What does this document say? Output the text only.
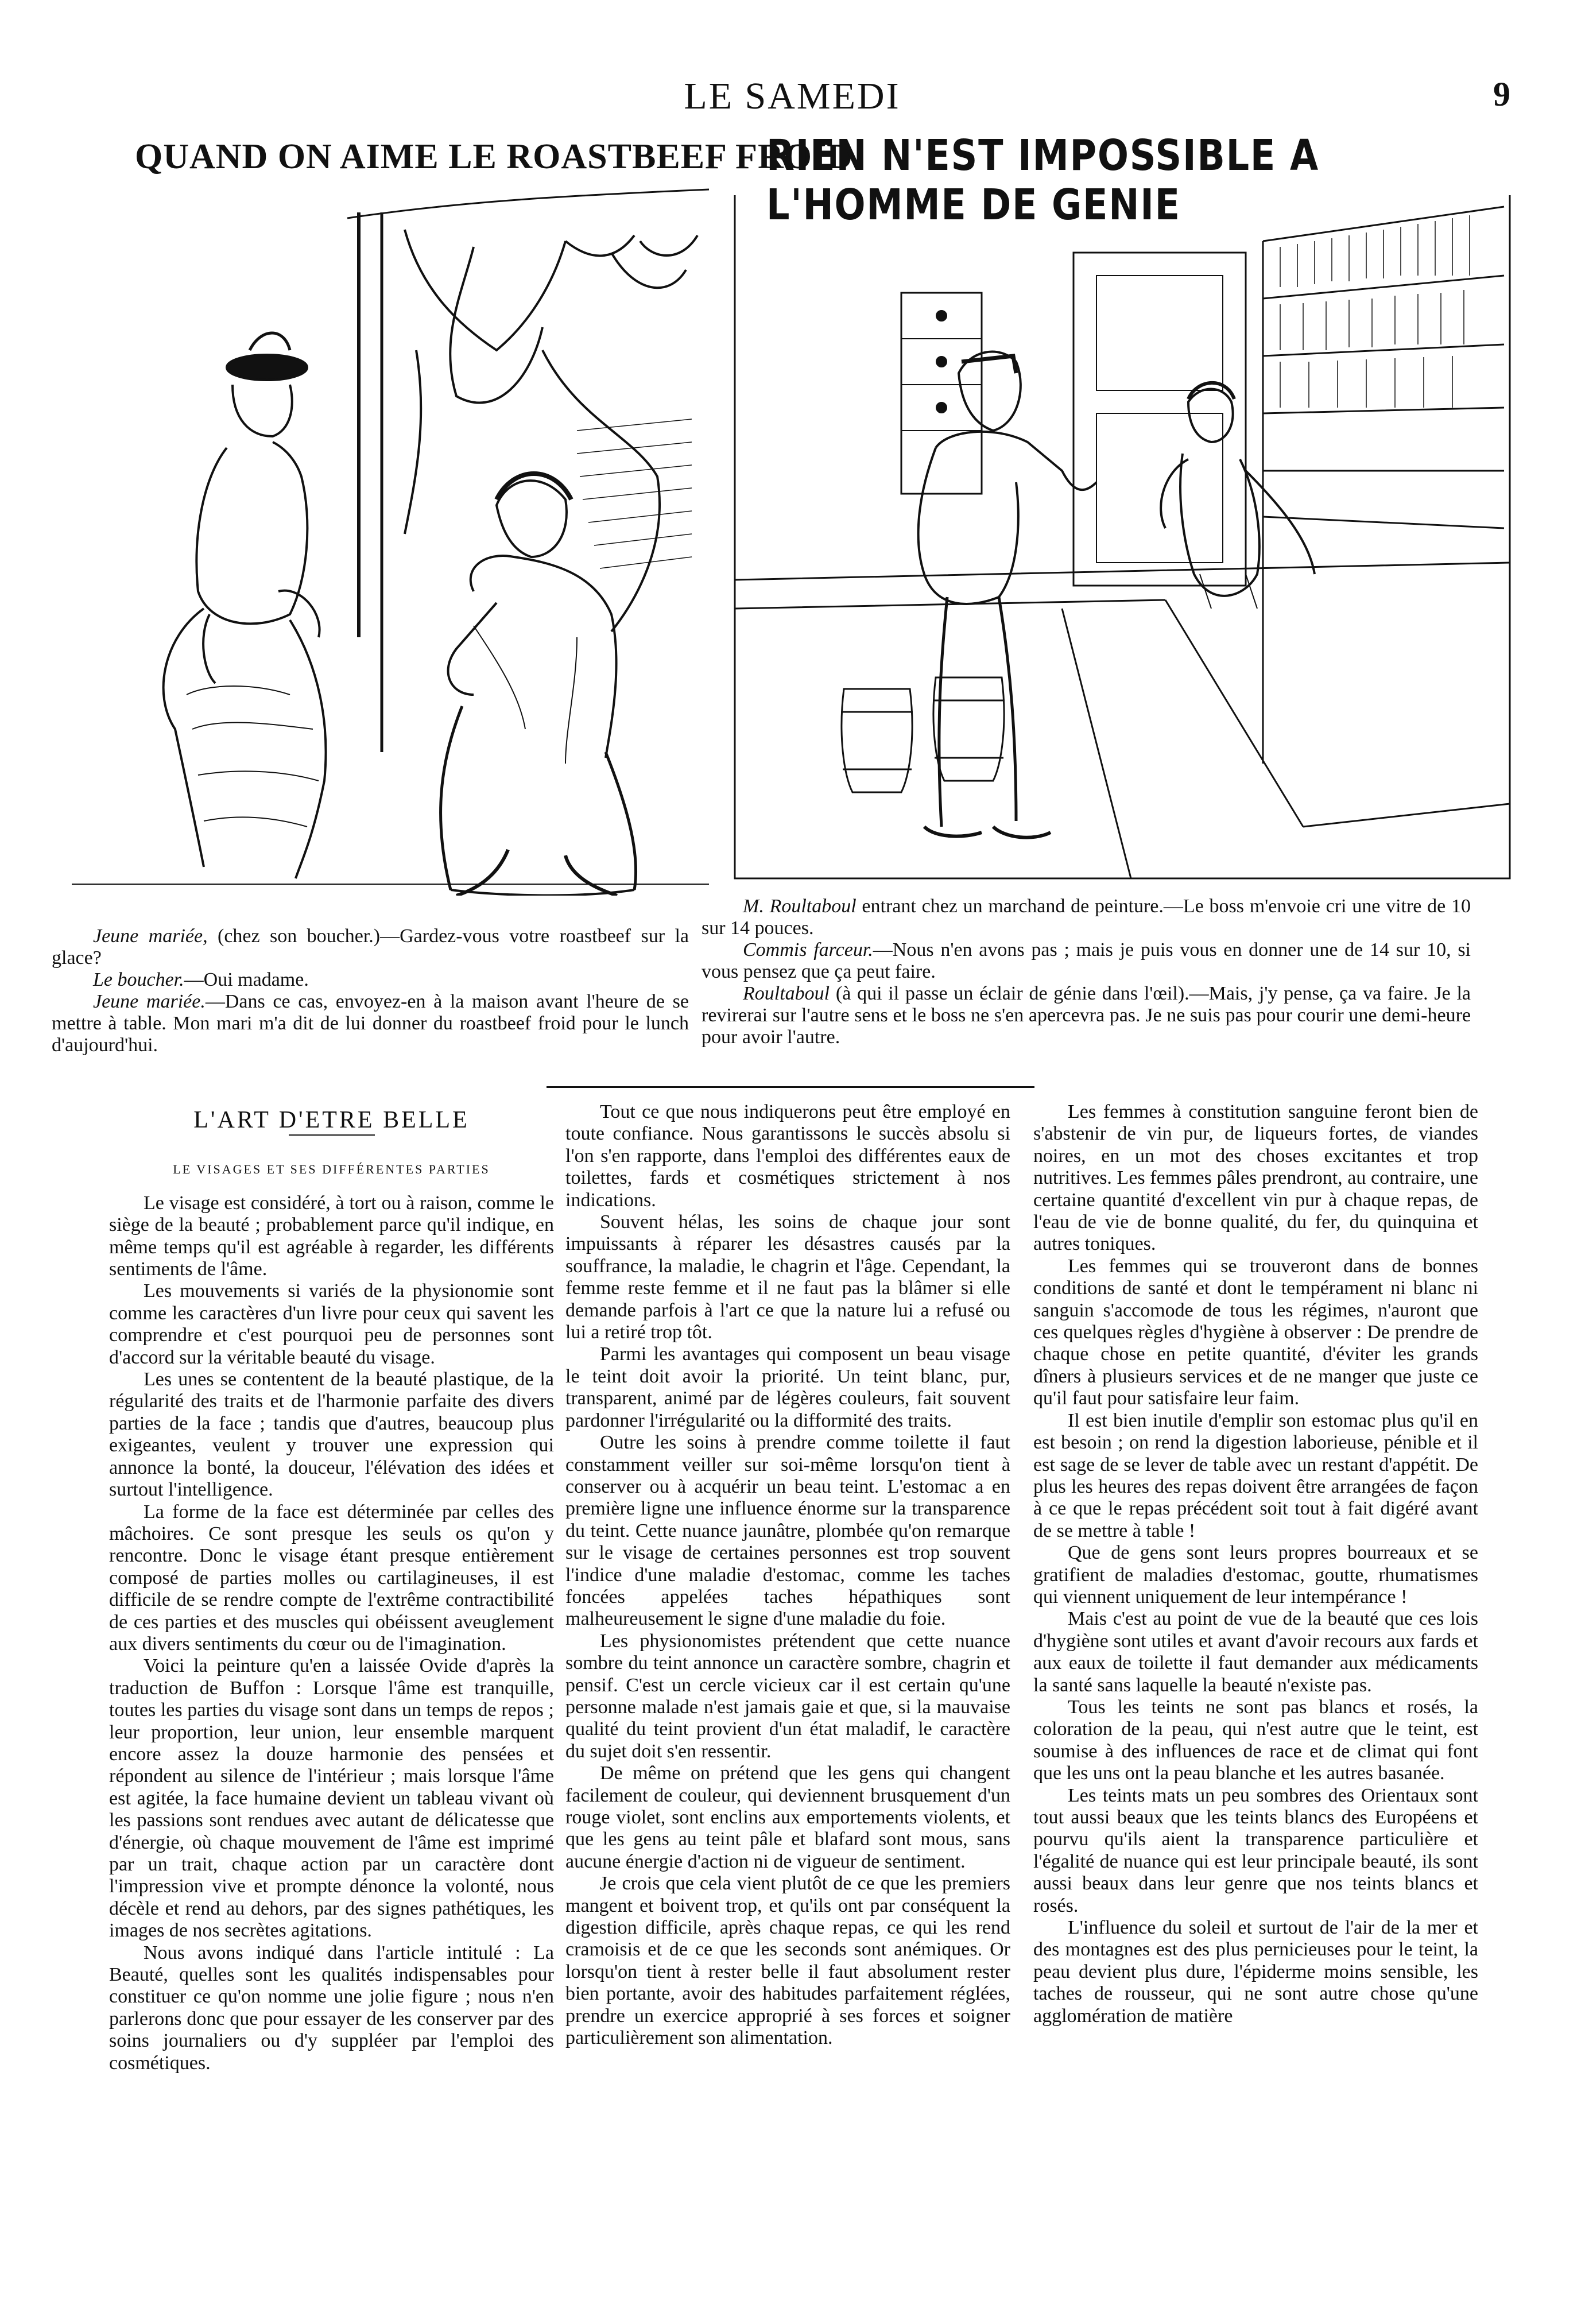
LE SAMEDI	9
QUAND ON AIME LE ROASTBEEF FROID
RIEN N'EST IMPOSSIBLE A L'HOMME DE GENIE

Jeune mariée, (chez son boucher.)—Gardez-vous votre roastbeef sur la glace?

Le boucher.—Oui madame.

Jeune mariée.—Dans ce cas, envoyez-en à la maison avant l'heure de se mettre à table. Mon mari m'a dit de lui donner du roastbeef froid pour le lunch d'aujourd'hui.

M. Roultaboul entrant chez un marchand de peinture.—Le boss m'envoie cri une vitre de 10 sur 14 pouces.

Commis farceur.—Nous n'en avons pas ; mais je puis vous en donner une de 14 sur 10, si vous pensez que ça peut faire.

Roultaboul (à qui il passe un éclair de génie dans l'œil).—Mais, j'y pense, ça va faire. Je la revirerai sur l'autre sens et le boss ne s'en apercevra pas. Je ne suis pas pour courir une demi-heure pour avoir l'autre.

L'ART D'ETRE BELLE
LE VISAGES ET SES DIFFÉRENTES PARTIES

Le visage est considéré, à tort ou à raison, comme le siège de la beauté ; probablement parce qu'il indique, en même temps qu'il est agréable à regarder, les différents sentiments de l'âme.

Les mouvements si variés de la physionomie sont comme les caractères d'un livre pour ceux qui savent les comprendre et c'est pourquoi peu de personnes sont d'accord sur la véritable beauté du visage.

Les unes se contentent de la beauté plastique, de la régularité des traits et de l'harmonie parfaite des divers parties de la face ; tandis que d'autres, beaucoup plus exigeantes, veulent y trouver une expression qui annonce la bonté, la douceur, l'élévation des idées et surtout l'intelligence.

La forme de la face est déterminée par celles des mâchoires. Ce sont presque les seuls os qu'on y rencontre. Donc le visage étant presque entièrement composé de parties molles ou cartilagineuses, il est difficile de se rendre compte de l'extrême contractibilité de ces parties et des muscles qui obéissent aveuglement aux divers sentiments du cœur ou de l'imagination.

Voici la peinture qu'en a laissée Ovide d'après la traduction de Buffon : Lorsque l'âme est tranquille, toutes les parties du visage sont dans un temps de repos ; leur proportion, leur union, leur ensemble marquent encore assez la douze harmonie des pensées et répondent au silence de l'intérieur ; mais lorsque l'âme est agitée, la face humaine devient un tableau vivant où les passions sont rendues avec autant de délicatesse que d'énergie, où chaque mouvement de l'âme est imprimé par un trait, chaque action par un caractère dont l'impression vive et prompte dénonce la volonté, nous décèle et rend au dehors, par des signes pathétiques, les images de nos secrètes agitations.

Nous avons indiqué dans l'article intitulé : La Beauté, quelles sont les qualités indispensables pour constituer ce qu'on nomme une jolie figure ; nous n'en parlerons donc que pour essayer de les conserver par des soins journaliers ou d'y suppléer par l'emploi des cosmétiques.

Tout ce que nous indiquerons peut être employé en toute confiance. Nous garantissons le succès absolu si l'on s'en rapporte, dans l'emploi des différentes eaux de toilettes, fards et cosmétiques strictement à nos indications.

Souvent hélas, les soins de chaque jour sont impuissants à réparer les désastres causés par la souffrance, la maladie, le chagrin et l'âge. Cependant, la femme reste femme et il ne faut pas la blâmer si elle demande parfois à l'art ce que la nature lui a refusé ou lui a retiré trop tôt.

Parmi les avantages qui composent un beau visage le teint doit avoir la priorité. Un teint blanc, pur, transparent, animé par de légères couleurs, fait souvent pardonner l'irrégularité ou la difformité des traits.

Outre les soins à prendre comme toilette il faut constamment veiller sur soi-même lorsqu'on tient à conserver ou à acquérir un beau teint. L'estomac a en première ligne une influence énorme sur la transparence du teint. Cette nuance jaunâtre, plombée qu'on remarque sur le visage de certaines personnes est trop souvent l'indice d'une maladie d'estomac, comme les taches foncées appelées taches hépathiques sont malheureusement le signe d'une maladie du foie.

Les physionomistes prétendent que cette nuance sombre du teint annonce un caractère sombre, chagrin et pensif. C'est un cercle vicieux car il est certain qu'une personne malade n'est jamais gaie et que, si la mauvaise qualité du teint provient d'un état maladif, le caractère du sujet doit s'en ressentir.

De même on prétend que les gens qui changent facilement de couleur, qui deviennent brusquement d'un rouge violet, sont enclins aux emportements violents, et que les gens au teint pâle et blafard sont mous, sans aucune énergie d'action ni de vigueur de sentiment.

Je crois que cela vient plutôt de ce que les premiers mangent et boivent trop, et qu'ils ont par conséquent la digestion difficile, après chaque repas, ce qui les rend cramoisis et de ce que les seconds sont anémiques. Or lorsqu'on tient à rester belle il faut absolument rester bien portante, avoir des habitudes parfaitement réglées, prendre un exercice approprié à ses forces et soigner particulièrement son alimentation.

Les femmes à constitution sanguine feront bien de s'abstenir de vin pur, de liqueurs fortes, de viandes noires, en un mot des choses excitantes et trop nutritives. Les femmes pâles prendront, au contraire, une certaine quantité d'excellent vin pur à chaque repas, de l'eau de vie de bonne qualité, du fer, du quinquina et autres toniques.

Les femmes qui se trouveront dans de bonnes conditions de santé et dont le tempérament ni blanc ni sanguin s'accomode de tous les régimes, n'auront que ces quelques règles d'hygiène à observer : De prendre de chaque chose en petite quantité, d'éviter les grands dîners à plusieurs services et de ne manger que juste ce qu'il faut pour satisfaire leur faim.

Il est bien inutile d'emplir son estomac plus qu'il en est besoin ; on rend la digestion laborieuse, pénible et il est sage de se lever de table avec un restant d'appétit. De plus les heures des repas doivent être arrangées de façon à ce que le repas précédent soit tout à fait digéré avant de se mettre à table !

Que de gens sont leurs propres bourreaux et se gratifient de maladies d'estomac, goutte, rhumatismes qui viennent uniquement de leur intempérance !

Mais c'est au point de vue de la beauté que ces lois d'hygiène sont utiles et avant d'avoir recours aux fards et aux eaux de toilette il faut demander aux médicaments la santé sans laquelle la beauté n'existe pas.

Tous les teints ne sont pas blancs et rosés, la coloration de la peau, qui n'est autre que le teint, est soumise à des influences de race et de climat qui font que les uns ont la peau blanche et les autres basanée.

Les teints mats un peu sombres des Orientaux sont tout aussi beaux que les teints blancs des Européens et pourvu qu'ils aient la transparence particulière et l'égalité de nuance qui est leur principale beauté, ils sont aussi beaux dans leur genre que nos teints blancs et rosés.

L'influence du soleil et surtout de l'air de la mer et des montagnes est des plus pernicieuses pour le teint, la peau devient plus dure, l'épiderme moins sensible, les taches de rousseur, qui ne sont autre chose qu'une agglomération de matière
